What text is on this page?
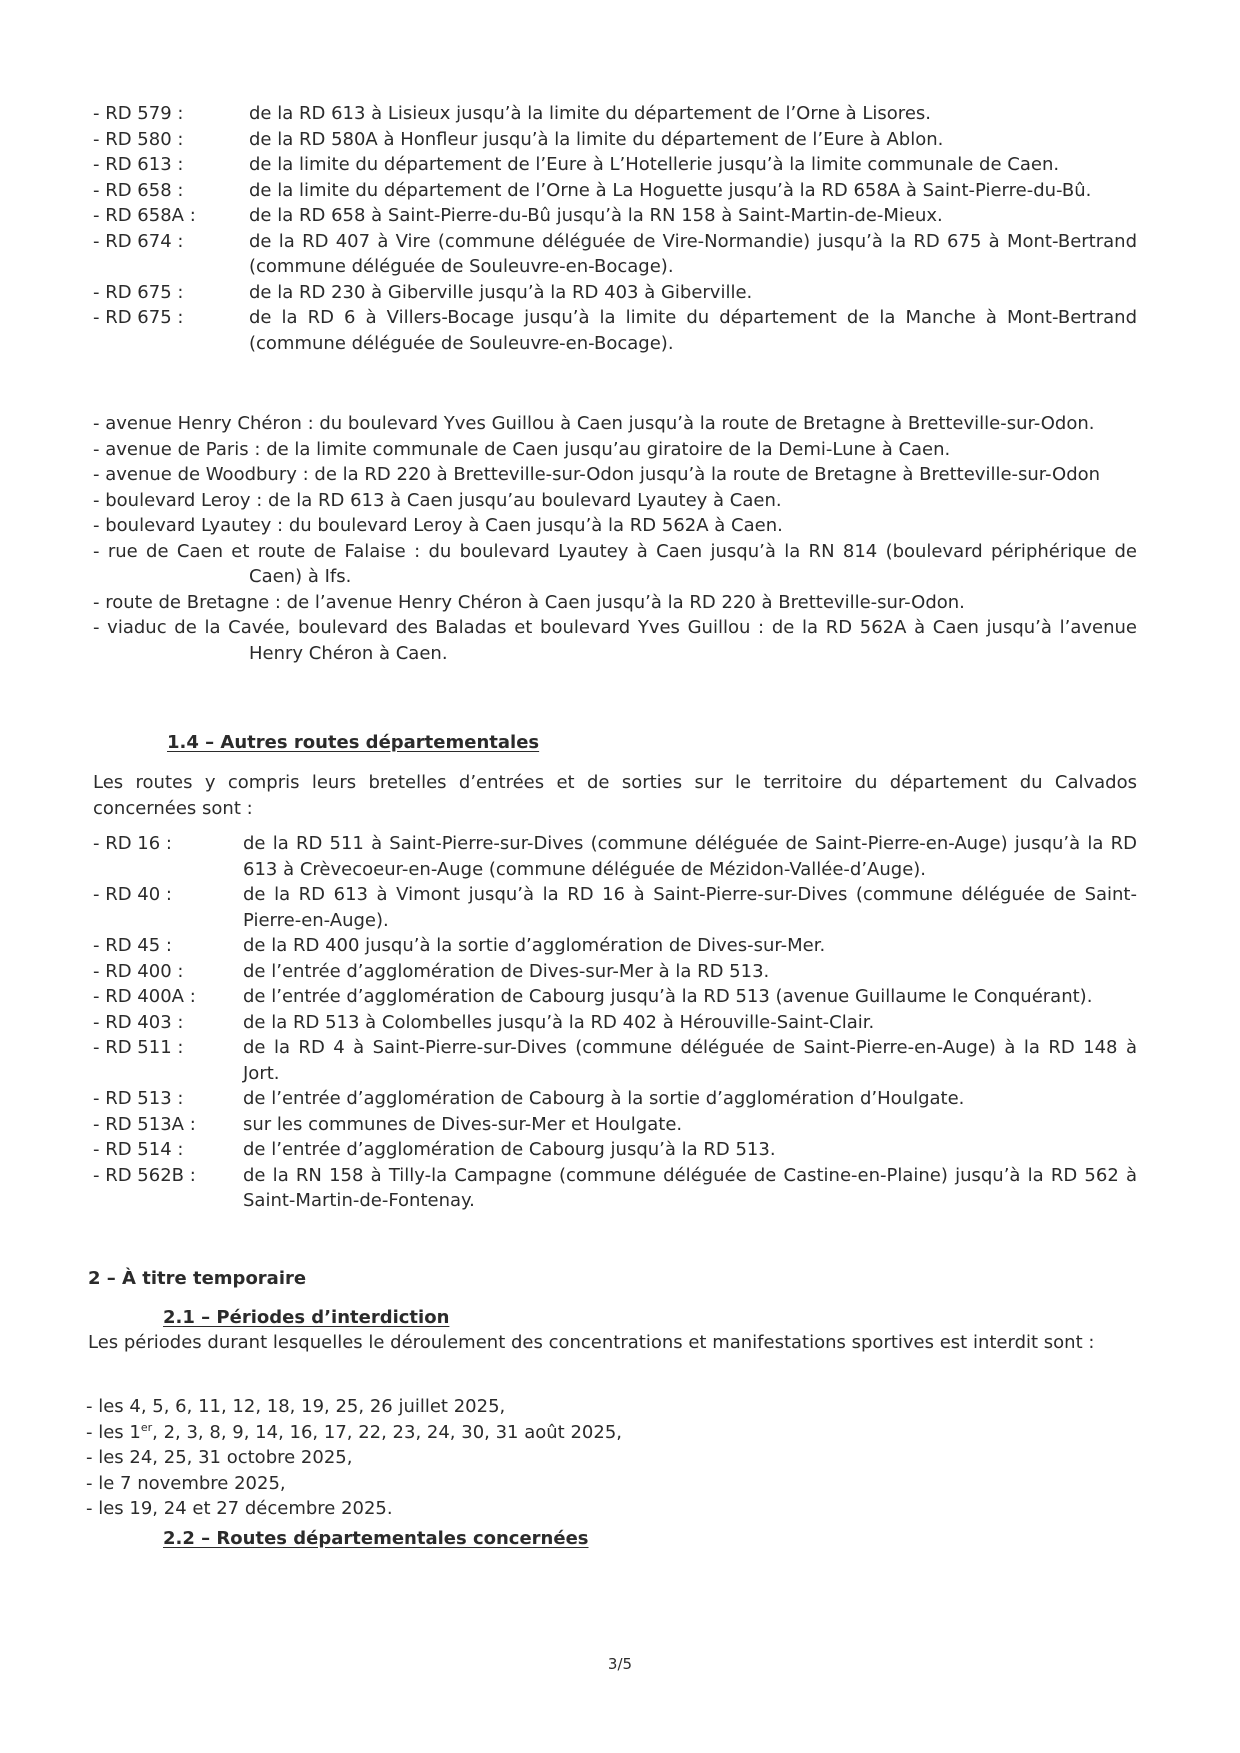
- RD 579 :	de la RD 613 à Lisieux jusqu’à la limite du département de l’Orne à Lisores.
- RD 580 :	de la RD 580A à Honfleur jusqu’à la limite du département de l’Eure à Ablon.
- RD 613 :	de la limite du département de l’Eure à L’Hotellerie jusqu’à la limite communale de Caen.
- RD 658 :	de la limite du département de l’Orne à La Hoguette jusqu’à la RD 658A à Saint-Pierre-du-Bû.
- RD 658A :	de la RD 658 à Saint-Pierre-du-Bû jusqu’à la RN 158 à Saint-Martin-de-Mieux.
- RD 674 :	de la RD 407 à Vire (commune déléguée de Vire-Normandie) jusqu’à la RD 675 à Mont-Bertrand (commune déléguée de Souleuvre-en-Bocage).
- RD 675 :	de la RD 230 à Giberville jusqu’à la RD 403 à Giberville.
- RD 675 :	de la RD 6 à Villers-Bocage jusqu’à la limite du département de la Manche à Mont-Bertrand (commune déléguée de Souleuvre-en-Bocage).
- avenue Henry Chéron : du boulevard Yves Guillou à Caen jusqu’à la route de Bretagne à Bretteville-sur-Odon.
- avenue de Paris : de la limite communale de Caen jusqu’au giratoire de la Demi-Lune à Caen.
- avenue de Woodbury : de la RD 220 à Bretteville-sur-Odon jusqu’à la route de Bretagne à Bretteville-sur-Odon
- boulevard Leroy : de la RD 613 à Caen jusqu’au boulevard Lyautey à Caen.
- boulevard Lyautey : du boulevard Leroy à Caen jusqu’à la RD 562A à Caen.
- rue de Caen et route de Falaise : du boulevard Lyautey à Caen jusqu’à la RN 814 (boulevard périphérique de Caen) à Ifs.
- route de Bretagne : de l’avenue Henry Chéron à Caen jusqu’à la RD 220 à Bretteville-sur-Odon.
- viaduc de la Cavée, boulevard des Baladas et boulevard Yves Guillou : de la RD 562A à Caen jusqu’à l’avenue Henry Chéron à Caen.
1.4 – Autres routes départementales
Les routes y compris leurs bretelles d’entrées et de sorties sur le territoire du département du Calvados concernées sont :
- RD 16 :	de la RD 511 à Saint-Pierre-sur-Dives (commune déléguée de Saint-Pierre-en-Auge) jusqu’à la RD 613 à Crèvecoeur-en-Auge (commune déléguée de Mézidon-Vallée-d’Auge).
- RD 40 :	de la RD 613 à Vimont jusqu’à la RD 16 à Saint-Pierre-sur-Dives (commune déléguée de Saint-Pierre-en-Auge).
- RD 45 :	de la RD 400 jusqu’à la sortie d’agglomération de Dives-sur-Mer.
- RD 400 :	de l’entrée d’agglomération de Dives-sur-Mer à la RD 513.
- RD 400A :	de l’entrée d’agglomération de Cabourg jusqu’à la RD 513 (avenue Guillaume le Conquérant).
- RD 403 :	de la RD 513 à Colombelles jusqu’à la RD 402 à Hérouville-Saint-Clair.
- RD 511 :	de la RD 4 à Saint-Pierre-sur-Dives (commune déléguée de Saint-Pierre-en-Auge) à la RD 148 à Jort.
- RD 513 :	de l’entrée d’agglomération de Cabourg à la sortie d’agglomération d’Houlgate.
- RD 513A :	sur les communes de Dives-sur-Mer et Houlgate.
- RD 514 :	de l’entrée d’agglomération de Cabourg jusqu’à la RD 513.
- RD 562B :	de la RN 158 à Tilly-la Campagne (commune déléguée de Castine-en-Plaine) jusqu’à la RD 562 à Saint-Martin-de-Fontenay.
2 – À titre temporaire
2.1 – Périodes d’interdiction
Les périodes durant lesquelles le déroulement des concentrations et manifestations sportives est interdit sont :
- les 4, 5, 6, 11, 12, 18, 19, 25, 26 juillet 2025,
- les 1er, 2, 3, 8, 9, 14, 16, 17, 22, 23, 24, 30, 31 août 2025,
- les 24, 25, 31 octobre 2025,
- le 7 novembre 2025,
- les 19, 24 et 27 décembre 2025.
2.2 – Routes départementales concernées
3/5
